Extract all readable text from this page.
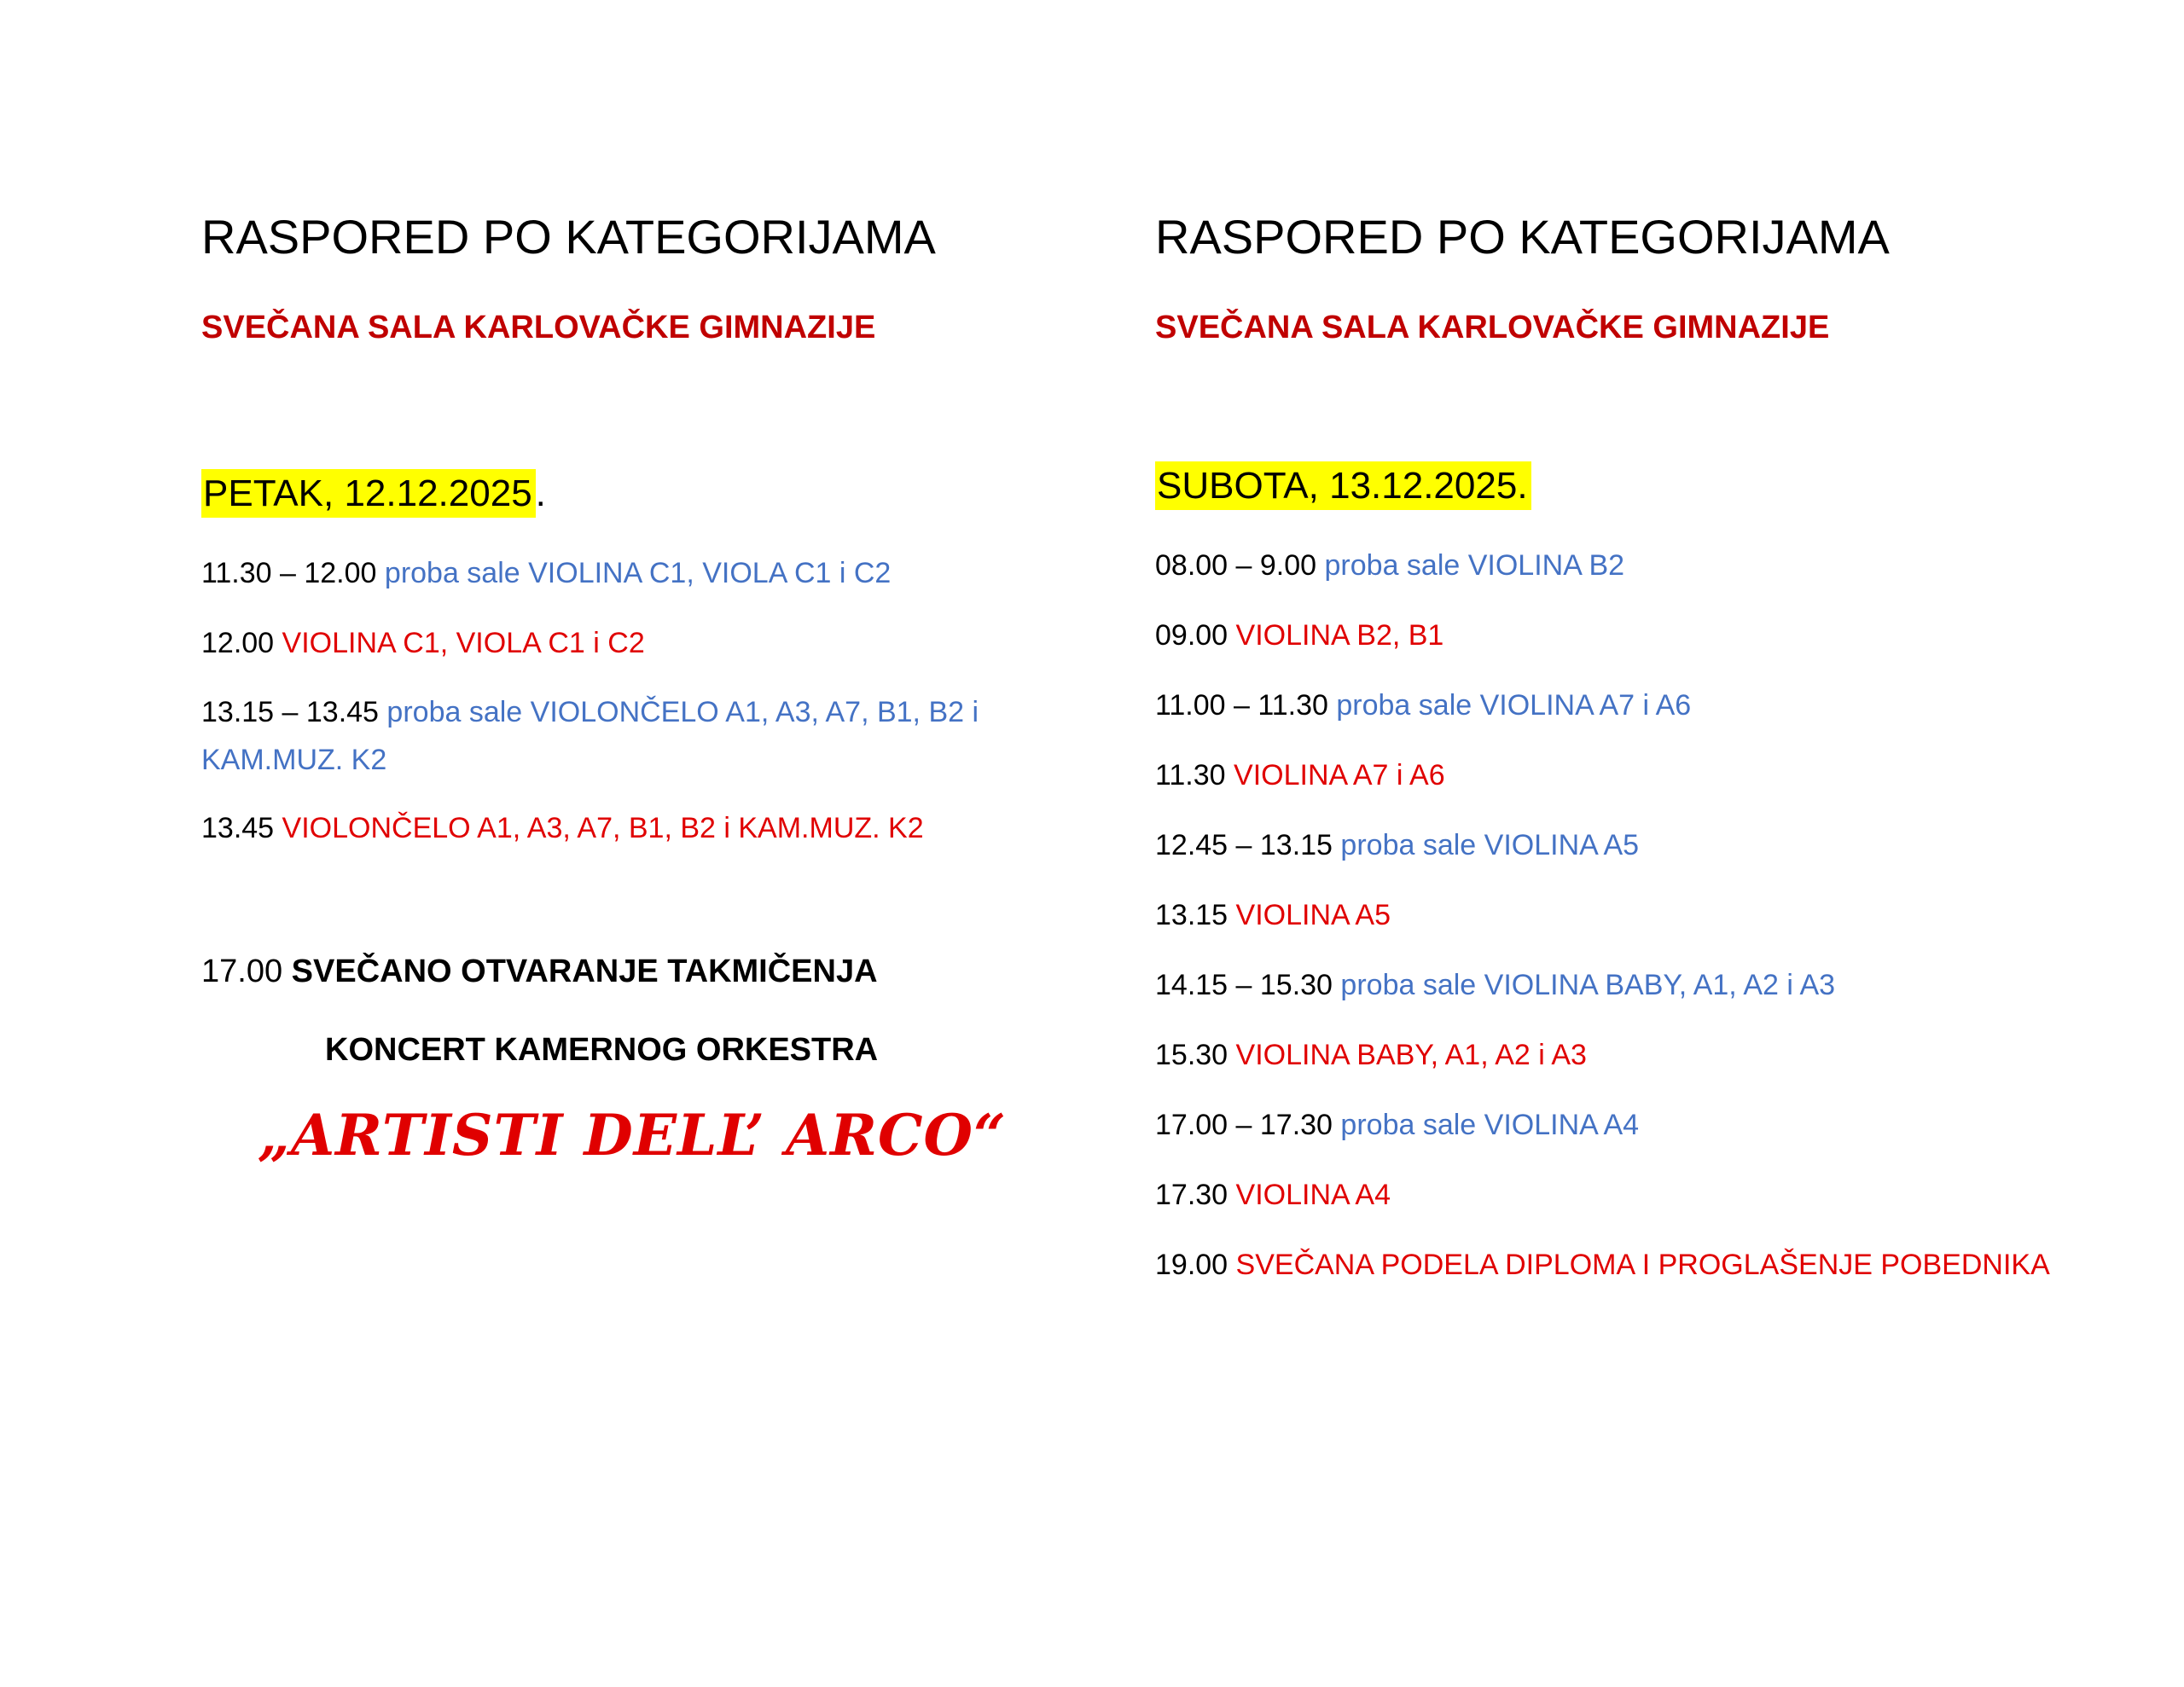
RASPORED PO KATEGORIJAMA
SVEČANA SALA KARLOVAČKE GIMNAZIJE
PETAK, 12.12.2025.
11.30 – 12.00 proba sale VIOLINA C1, VIOLA C1 i C2
12.00 VIOLINA C1, VIOLA C1 i C2
13.15 – 13.45 proba sale VIOLONČELO A1, A3, A7, B1, B2 i KAM.MUZ. K2
13.45 VIOLONČELO A1, A3, A7, B1, B2 i KAM.MUZ. K2
17.00 SVEČANO OTVARANJE TAKMIČENJA
KONCERT KAMERNOG ORKESTRA
„ARTISTI DELL’ ARCO“
RASPORED PO KATEGORIJAMA
SVEČANA SALA KARLOVAČKE GIMNAZIJE
SUBOTA, 13.12.2025.
08.00 – 9.00 proba sale VIOLINA B2
09.00 VIOLINA B2, B1
11.00 – 11.30 proba sale VIOLINA A7 i A6
11.30 VIOLINA A7 i A6
12.45 – 13.15 proba sale VIOLINA A5
13.15 VIOLINA A5
14.15 – 15.30 proba sale VIOLINA BABY, A1, A2 i A3
15.30 VIOLINA BABY, A1, A2 i A3
17.00 – 17.30 proba sale VIOLINA A4
17.30 VIOLINA A4
19.00 SVEČANA PODELA DIPLOMA I PROGLAŠENJE POBEDNIKA
